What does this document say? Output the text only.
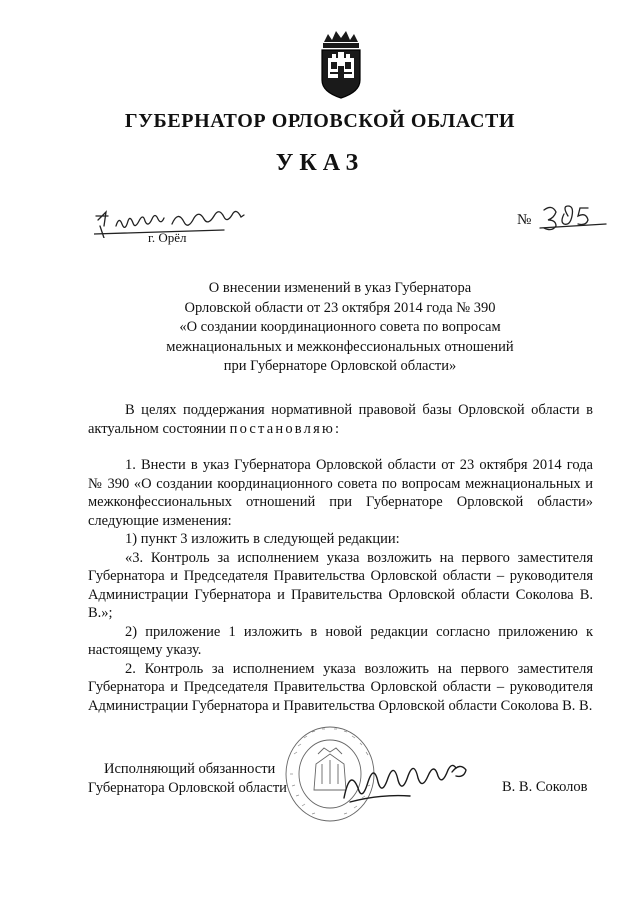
ГУБЕРНАТОР ОРЛОВСКОЙ ОБЛАСТИ
УКАЗ
г. Орёл
№
О внесении изменений в указ Губернатора
Орловской области от 23 октября 2014 года № 390
«О создании координационного совета по вопросам
межнациональных и межконфессиональных отношений
при Губернаторе Орловской области»

В целях поддержания нормативной правовой базы Орловской области в актуальном состоянии постановляю:

1. Внести в указ Губернатора Орловской области от 23 октября 2014 года № 390 «О создании координационного совета по вопросам межнациональных и межконфессиональных отношений при Губернаторе Орловской области» следующие изменения:

1) пункт 3 изложить в следующей редакции:

«3. Контроль за исполнением указа возложить на первого заместителя Губернатора и Председателя Правительства Орловской области – руководителя Администрации Губернатора и Правительства Орловской области Соколова В. В.»;

2) приложение 1 изложить в новой редакции согласно приложению к настоящему указу.

2. Контроль за исполнением указа возложить на первого заместителя Губернатора и Председателя Правительства Орловской области – руководителя Администрации Губернатора и Правительства Орловской области Соколова В. В.

Исполняющий обязанности
Губернатора Орловской области	В. В. Соколов
